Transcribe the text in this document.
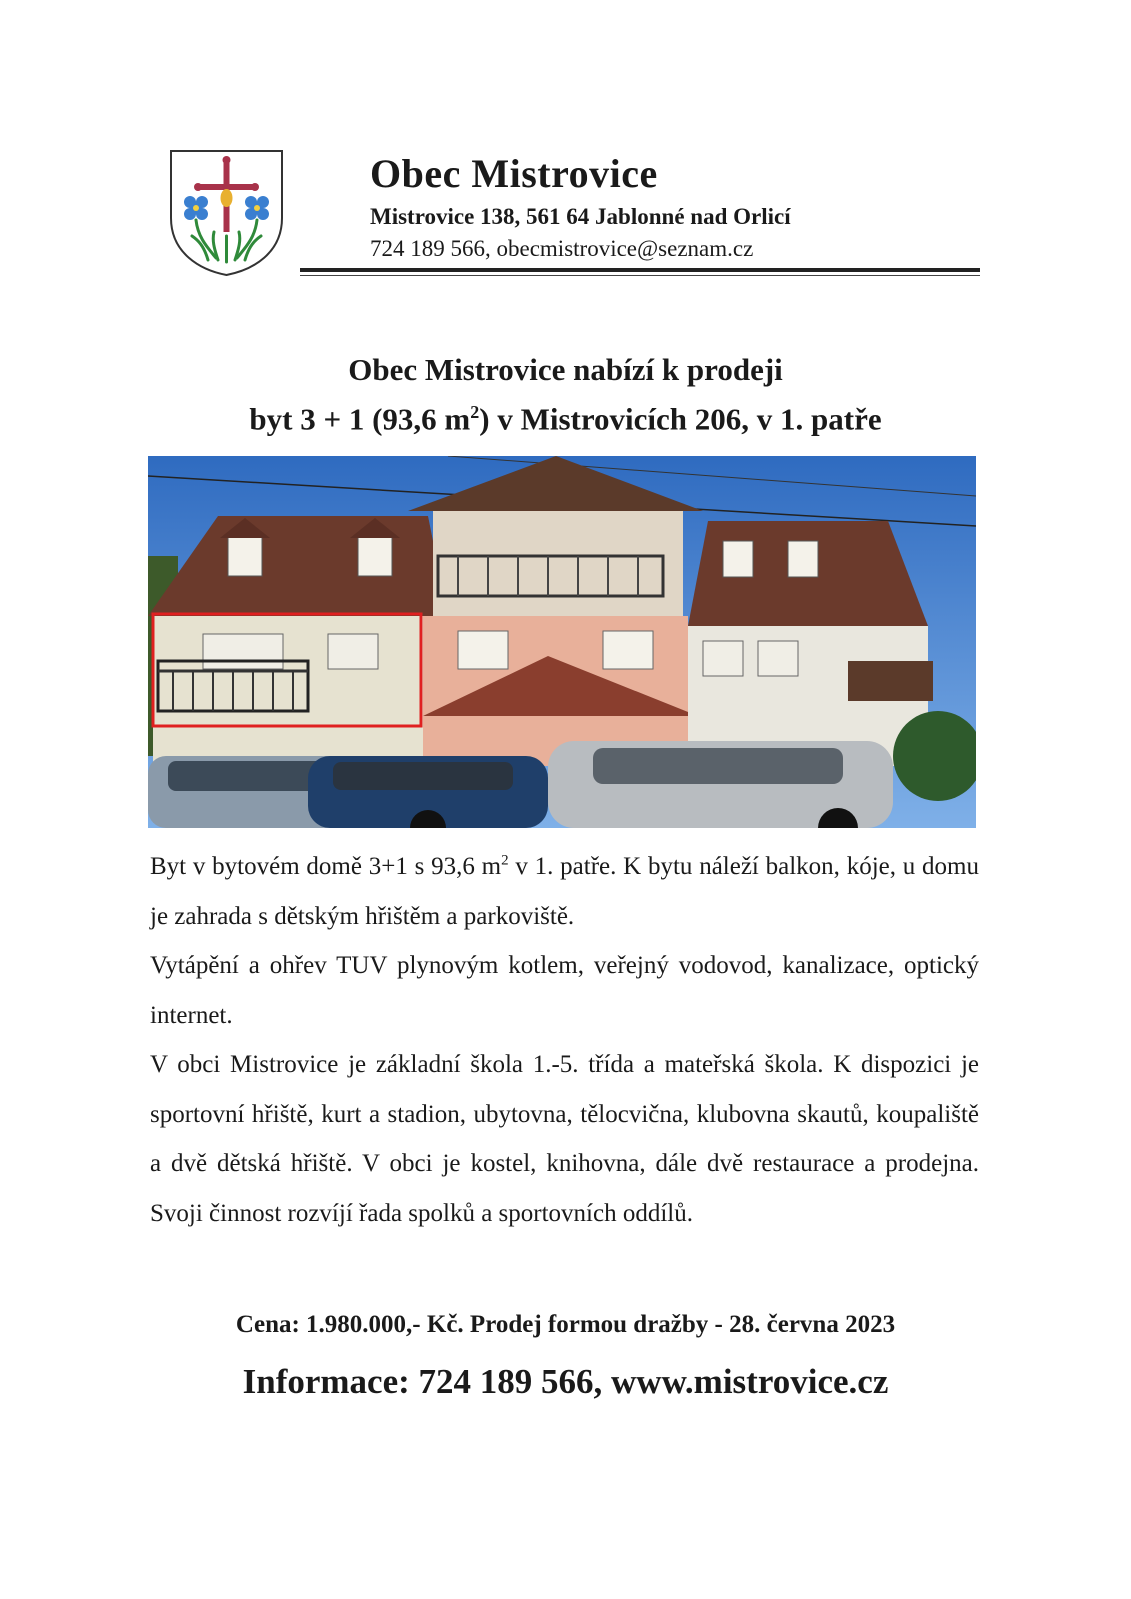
Obec Mistrovice
Mistrovice 138, 561 64 Jablonné nad Orlicí
724 189 566, obecmistrovice@seznam.cz
Obec Mistrovice nabízí k prodeji
byt 3 + 1 (93,6 $m^2$) v Mistrovicích 206, v 1. patře

Byt v bytovém domě 3+1 s 93,6 $m^2$ v 1. patře. K bytu náleží balkon, kóje, u domu je zahrada s dětským hřištěm a parkoviště.

Vytápění a ohřev TUV plynovým kotlem, veřejný vodovod, kanalizace, optický internet.

V obci Mistrovice je základní škola 1.-5. třída a mateřská škola. K dispozici je sportovní hřiště, kurt a stadion, ubytovna, tělocvična, klubovna skautů, koupaliště a dvě dětská hřiště. V obci je kostel, knihovna, dále dvě restaurace a prodejna. Svoji činnost rozvíjí řada spolků a sportovních oddílů.

Cena: 1.980.000,- Kč. Prodej formou dražby - 28. června 2023
Informace: 724 189 566, www.mistrovice.cz
